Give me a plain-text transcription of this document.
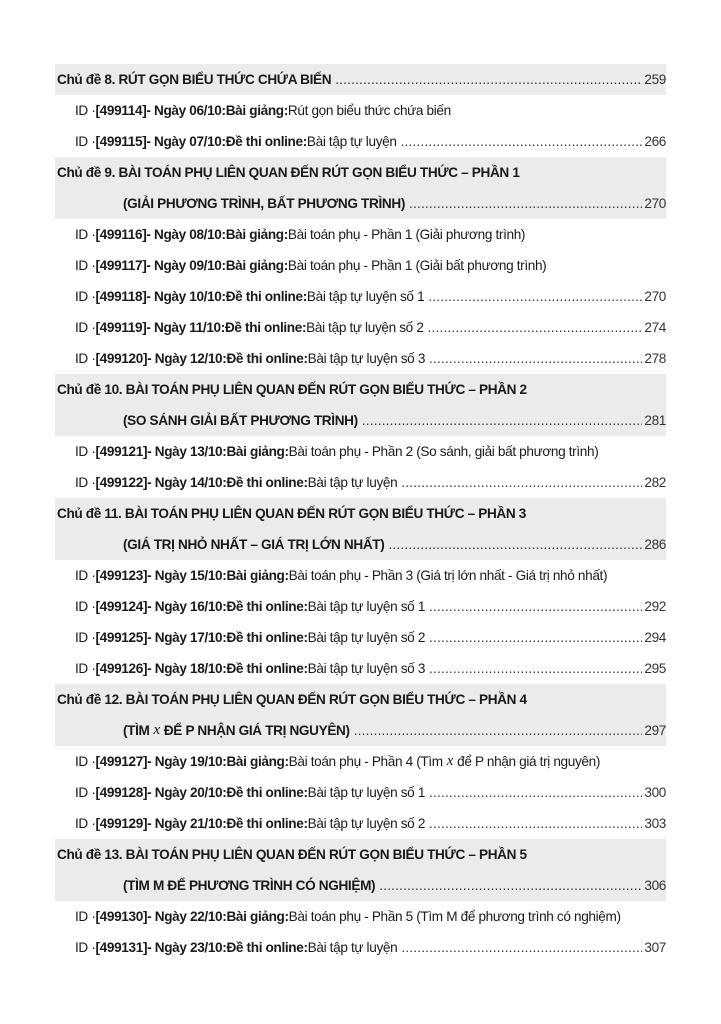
Chủ đề 8. RÚT GỌN BIỂU THỨC CHỨA BIẾN .....	259
ID · [499114] - Ngày 06/10: Bài giảng: Rút gọn biểu thức chứa biến
ID · [499115] - Ngày 07/10: Đề thi online: Bài tập tự luyện .....	266
Chủ đề 9. BÀI TOÁN PHỤ LIÊN QUAN ĐẾN RÚT GỌN BIỂU THỨC – PHẦN 1
(GIẢI PHƯƠNG TRÌNH, BẤT PHƯƠNG TRÌNH) .....	270
ID · [499116] - Ngày 08/10: Bài giảng: Bài toán phụ - Phần 1 (Giải phương trình)
ID · [499117] - Ngày 09/10: Bài giảng: Bài toán phụ - Phần 1 (Giải bất phương trình)
ID · [499118] - Ngày 10/10: Đề thi online: Bài tập tự luyện số 1 .....	270
ID · [499119] - Ngày 11/10: Đề thi online: Bài tập tự luyện số 2 .....	274
ID · [499120] - Ngày 12/10: Đề thi online: Bài tập tự luyện số 3 .....	278
Chủ đề 10. BÀI TOÁN PHỤ LIÊN QUAN ĐẾN RÚT GỌN BIỂU THỨC – PHẦN 2
(SO SÁNH GIẢI BẤT PHƯƠNG TRÌNH) .....	281
ID · [499121] - Ngày 13/10: Bài giảng: Bài toán phụ - Phần 2 (So sánh, giải bất phương trình)
ID · [499122] - Ngày 14/10: Đề thi online: Bài tập tự luyện .....	282
Chủ đề 11. BÀI TOÁN PHỤ LIÊN QUAN ĐẾN RÚT GỌN BIỂU THỨC – PHẦN 3
(GIÁ TRỊ NHỎ NHẤT – GIÁ TRỊ LỚN NHẤT) .....	286
ID · [499123] - Ngày 15/10: Bài giảng: Bài toán phụ - Phần 3 (Giá trị lớn nhất - Giá trị nhỏ nhất)
ID · [499124] - Ngày 16/10: Đề thi online: Bài tập tự luyện số 1 .....	292
ID · [499125] - Ngày 17/10: Đề thi online: Bài tập tự luyện số 2 .....	294
ID · [499126] - Ngày 18/10: Đề thi online: Bài tập tự luyện số 3 .....	295
Chủ đề 12. BÀI TOÁN PHỤ LIÊN QUAN ĐẾN RÚT GỌN BIỂU THỨC – PHẦN 4
(TÌM x ĐỂ P NHẬN GIÁ TRỊ NGUYÊN) .....	297
ID · [499127] - Ngày 19/10: Bài giảng: Bài toán phụ - Phần 4 (Tìm x để P nhận giá trị nguyên)
ID · [499128] - Ngày 20/10: Đề thi online: Bài tập tự luyện số 1 .....	300
ID · [499129] - Ngày 21/10: Đề thi online: Bài tập tự luyện số 2 .....	303
Chủ đề 13. BÀI TOÁN PHỤ LIÊN QUAN ĐẾN RÚT GỌN BIỂU THỨC – PHẦN 5
(TÌM M ĐỂ PHƯƠNG TRÌNH CÓ NGHIỆM) .....	306
ID · [499130] - Ngày 22/10: Bài giảng: Bài toán phụ - Phần 5 (Tìm M để phương trình có nghiệm)
ID · [499131] - Ngày 23/10: Đề thi online: Bài tập tự luyện .....	307
